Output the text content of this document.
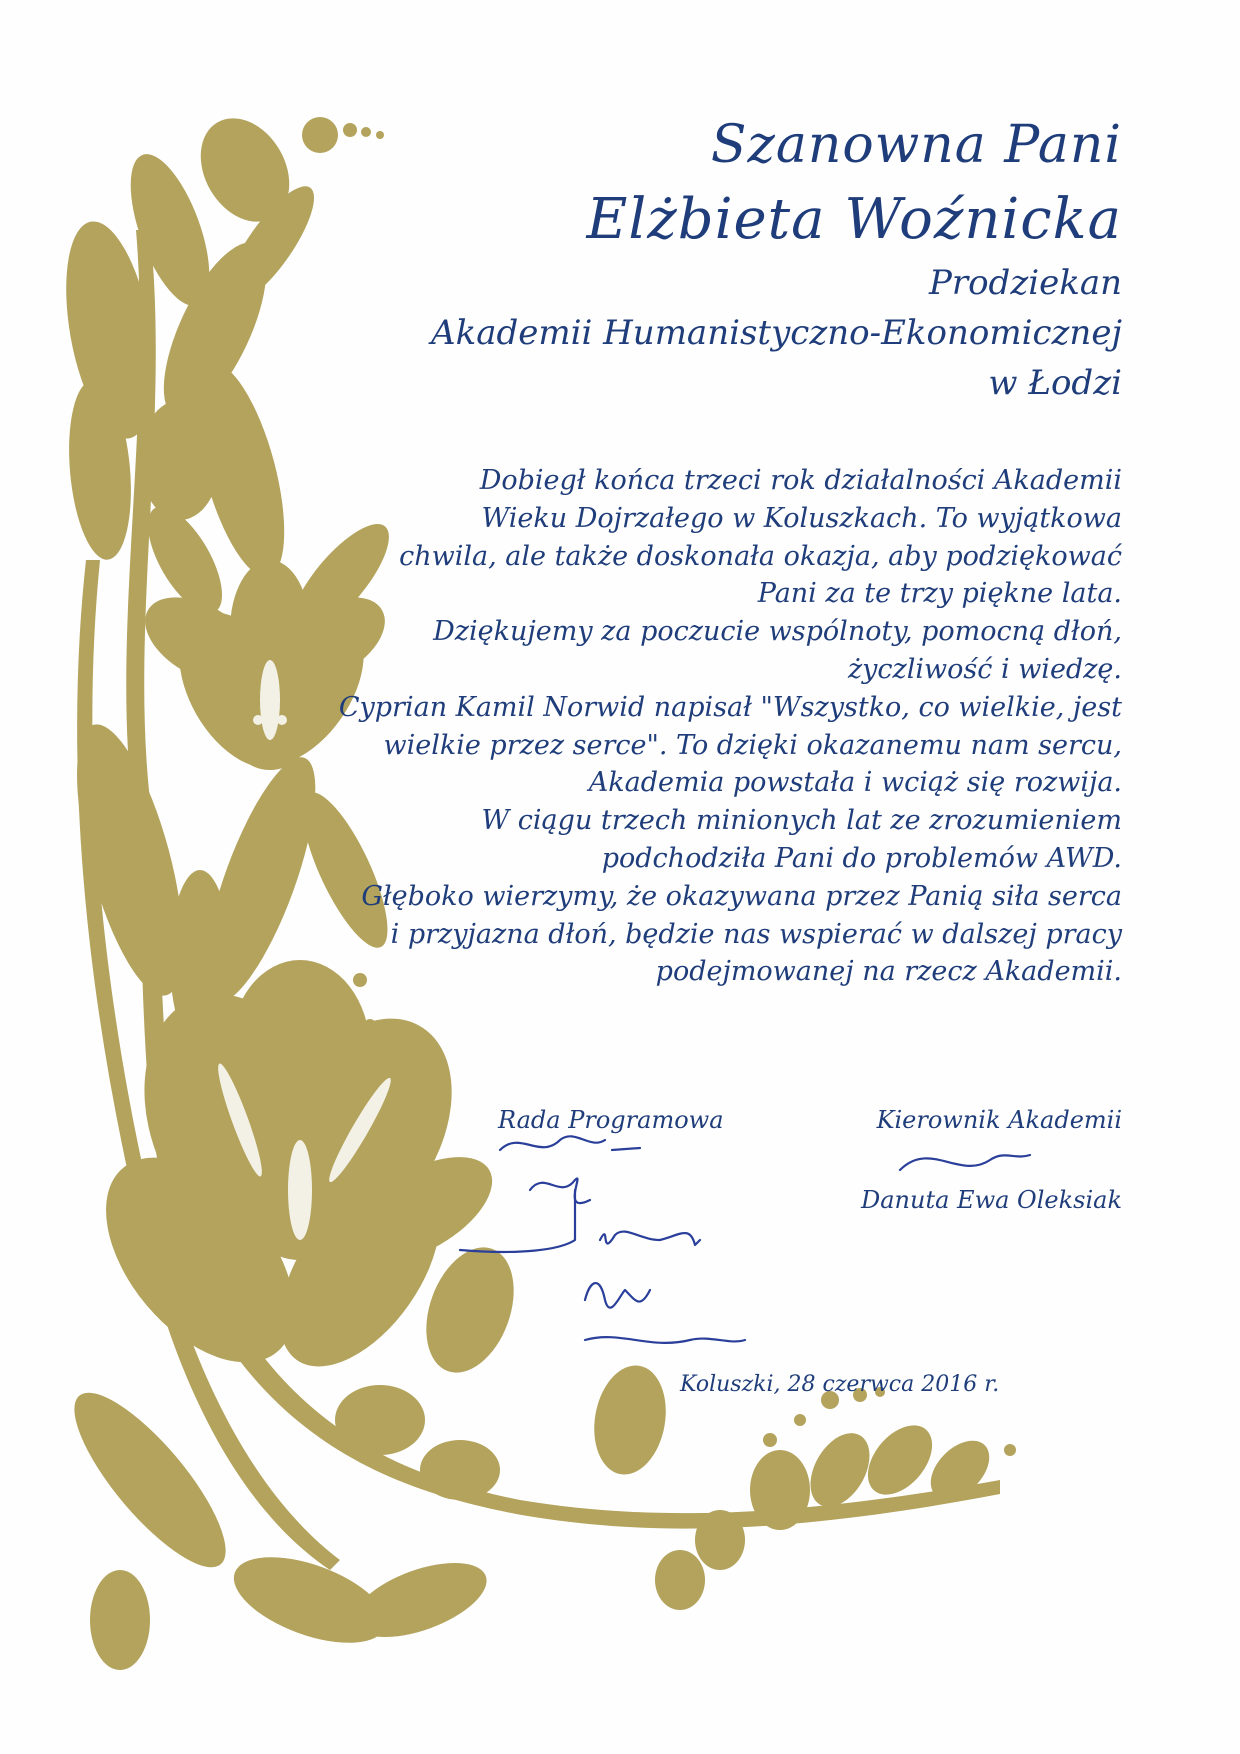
Szanowna Pani
Elżbieta Woźnicka
Prodziekan
Akademii Humanistyczno-Ekonomicznej
w Łodzi
Dobiegł końca trzeci rok działalności Akademii
Wieku Dojrzałego w Koluszkach. To wyjątkowa
chwila, ale także doskonała okazja, aby podziękować
Pani za te trzy piękne lata.
Dziękujemy za poczucie wspólnoty, pomocną dłoń,
życzliwość i wiedzę.
Cyprian Kamil Norwid napisał "Wszystko, co wielkie, jest
wielkie przez serce". To dzięki okazanemu nam sercu,
Akademia powstała i wciąż się rozwija.
W ciągu trzech minionych lat ze zrozumieniem
podchodziła Pani do problemów AWD.
Głęboko wierzymy, że okazywana przez Panią siła serca
i przyjazna dłoń, będzie nas wspierać w dalszej pracy
podejmowanej na rzecz Akademii.
Rada Programowa	Kierownik Akademii
Danuta Ewa Oleksiak
Koluszki, 28 czerwca 2016 r.
